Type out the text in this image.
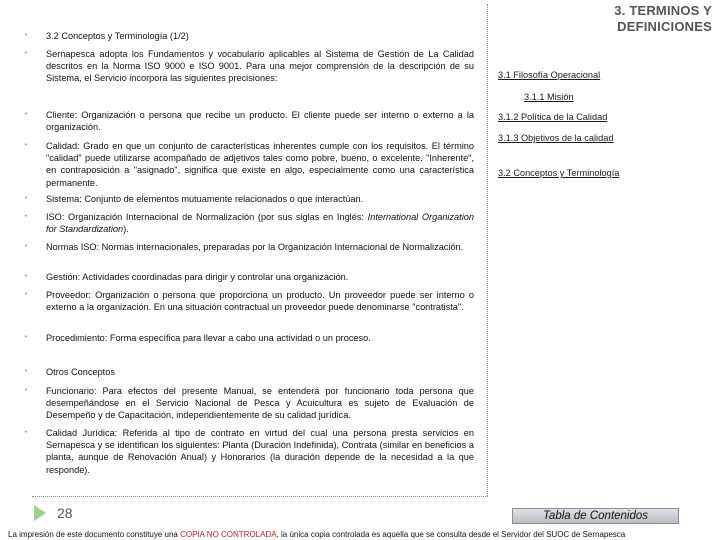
3. TERMINOS Y
DEFINICIONES
⁌	3.2 Conceptos y Terminología (1/2)
⁌	Sernapesca adopta los Fundamentos y vocabulario aplicables al Sistema de Gestión de La Calidad descritos en la Norma ISO 9000 e ISO 9001. Para una mejor comprensión de la descripción de su Sistema, el Servicio incorpora las siguientes precisiones:
⁌	Cliente: Organización o persona que recibe un producto. El cliente puede ser interno o externo a la organización.
⁌	Calidad: Grado en que un conjunto de características inherentes cumple con los requisitos. El término "calidad" puede utilizarse acompañado de adjetivos tales como pobre, bueno, o excelente. "Inherente", en contraposición a "asignado", significa que existe en algo, especialmente como una característica permanente.
⁌	Sistema: Conjunto de elementos mutuamente relacionados o que interactúan.
⁌	ISO: Organización Internacional de Normalización (por sus siglas en Inglés: International Organization for Standardization).
⁌	Normas ISO: Normas internacionales, preparadas por la Organización Internacional de Normalización.
⁌	Gestión: Actividades coordinadas para dirigir y controlar una organización.
⁌	Proveedor: Organización o persona que proporciona un producto. Un proveedor puede ser interno o externo a la organización. En una situación contractual un proveedor puede denominarse "contratista".
⁌	Procedimiento: Forma específica para llevar a cabo una actividad o un proceso.
⁌	Otros Conceptos
⁌	Funcionario: Para efectos del presente Manual, se entenderá por funcionario toda persona que desempeñándose en el Servicio Nacional de Pesca y Acuicultura es sujeto de Evaluación de Desempeño y de Capacitación, independientemente de su calidad jurídica.
⁌	Calidad Jurídica: Referida al tipo de contrato en virtud del cual una persona presta servicios en Sernapesca y se identifican los siguientes: Planta (Duración Indefinida), Contrata (similar en beneficios a planta, aunque de Renovación Anual) y Honorarios (la duración depende de la necesidad a la que responde).
3.1 Filosofía Operacional
3.1.1 Misión
3.1.2 Política de la Calidad
3.1.3 Objetivos de la calidad
3.2 Conceptos y Terminología
28	Tabla de Contenidos
La impresión de este documento constituye una COPIA NO CONTROLADA, la única copia controlada es aquella que se consulta desde el Servidor del SUOC de Sernapesca
